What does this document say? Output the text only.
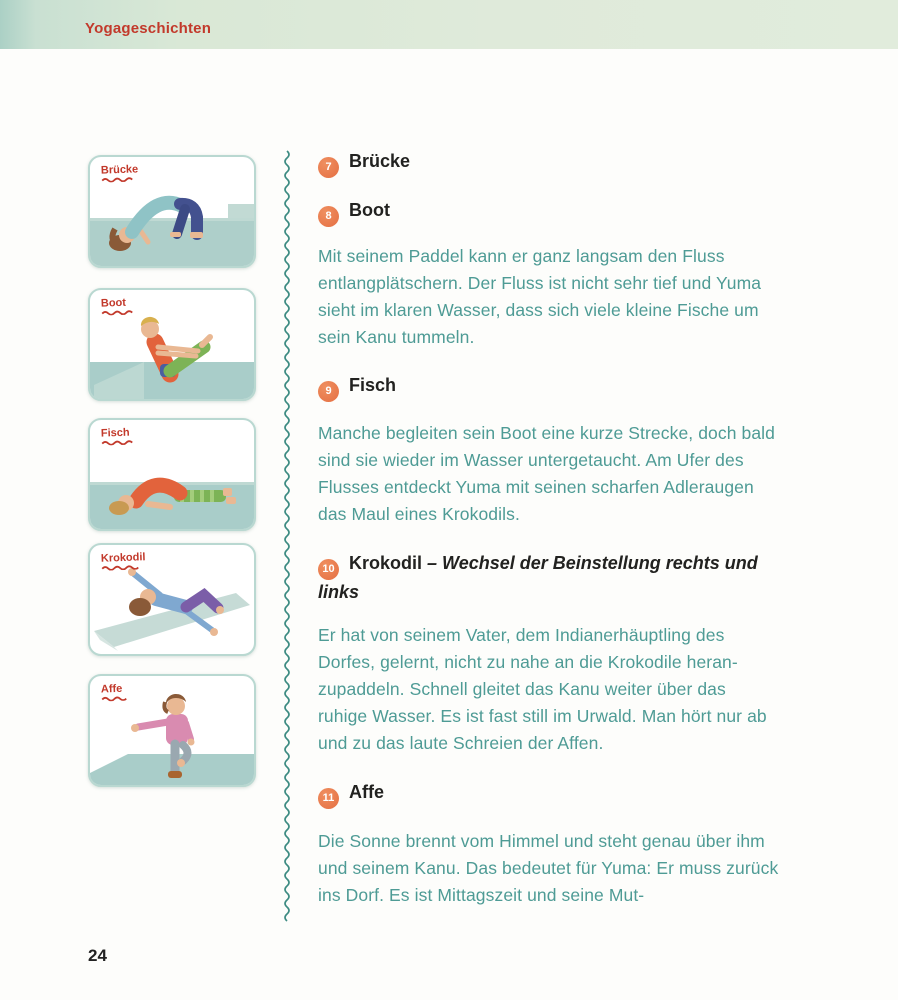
Yogageschichten
Brücke
Boot
Fisch
Krokodil
Affe
7 Brücke
8 Boot
Mit seinem Paddel kann er ganz langsam den Fluss entlangplätschern. Der Fluss ist nicht sehr tief und Yuma sieht im klaren Wasser, dass sich viele kleine Fische um sein Kanu tummeln.
9 Fisch
Manche begleiten sein Boot eine kurze Strecke, doch bald sind sie wieder im Wasser untergetaucht. Am Ufer des Flusses entdeckt Yuma mit seinen scharfen Adleraugen das Maul eines Krokodils.
10 Krokodil – Wechsel der Beinstellung rechts und links
Er hat von seinem Vater, dem Indianerhäuptling des Dorfes, gelernt, nicht zu nahe an die Krokodile heranzupaddeln. Schnell gleitet das Kanu weiter über das ruhige Wasser. Es ist fast still im Urwald. Man hört nur ab und zu das laute Schreien der Affen.
11 Affe
Die Sonne brennt vom Himmel und steht genau über ihm und seinem Kanu. Das bedeutet für Yuma: Er muss zurück ins Dorf. Es ist Mittagszeit und seine Mut-
24
